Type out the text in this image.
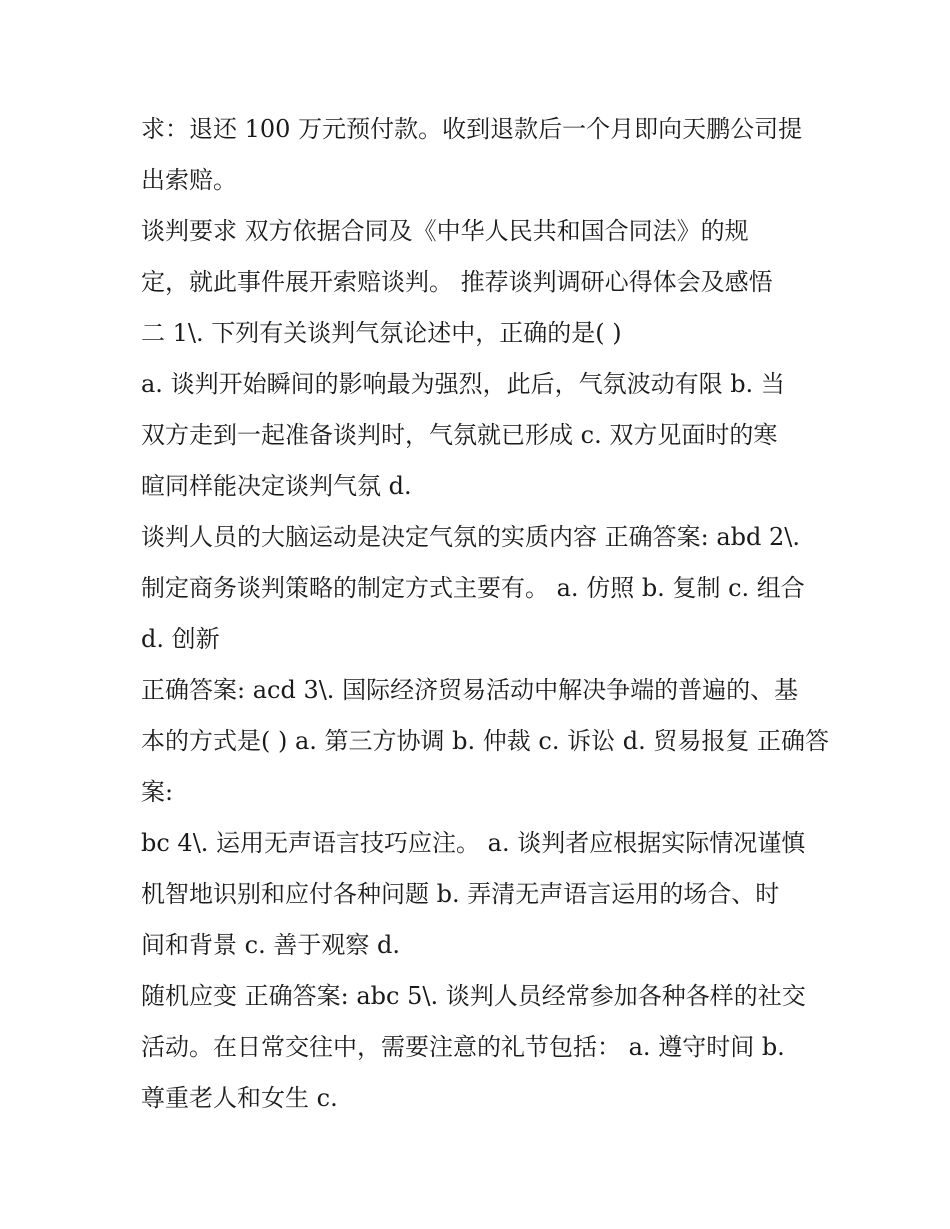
求：退还 100 万元预付款。收到退款后一个月即向天鹏公司提
出索赔。
谈判要求 双方依据合同及《中华人民共和国合同法》的规
定，就此事件展开索赔谈判。 推荐谈判调研心得体会及感悟
二 1\. 下列有关谈判气氛论述中，正确的是( )
a. 谈判开始瞬间的影响最为强烈，此后，气氛波动有限 b. 当
双方走到一起准备谈判时，气氛就已形成 c. 双方见面时的寒
暄同样能决定谈判气氛 d.
谈判人员的大脑运动是决定气氛的实质内容 正确答案: abd 2\.
制定商务谈判策略的制定方式主要有。 a. 仿照 b. 复制 c. 组合
d. 创新
正确答案: acd 3\. 国际经济贸易活动中解决争端的普遍的、基
本的方式是( ) a. 第三方协调 b. 仲裁 c. 诉讼 d. 贸易报复 正确答
案:
bc 4\. 运用无声语言技巧应注。 a. 谈判者应根据实际情况谨慎
机智地识别和应付各种问题 b. 弄清无声语言运用的场合、时
间和背景 c. 善于观察 d.
随机应变 正确答案: abc 5\. 谈判人员经常参加各种各样的社交
活动。在日常交往中，需要注意的礼节包括： a. 遵守时间 b.
尊重老人和女生 c.
